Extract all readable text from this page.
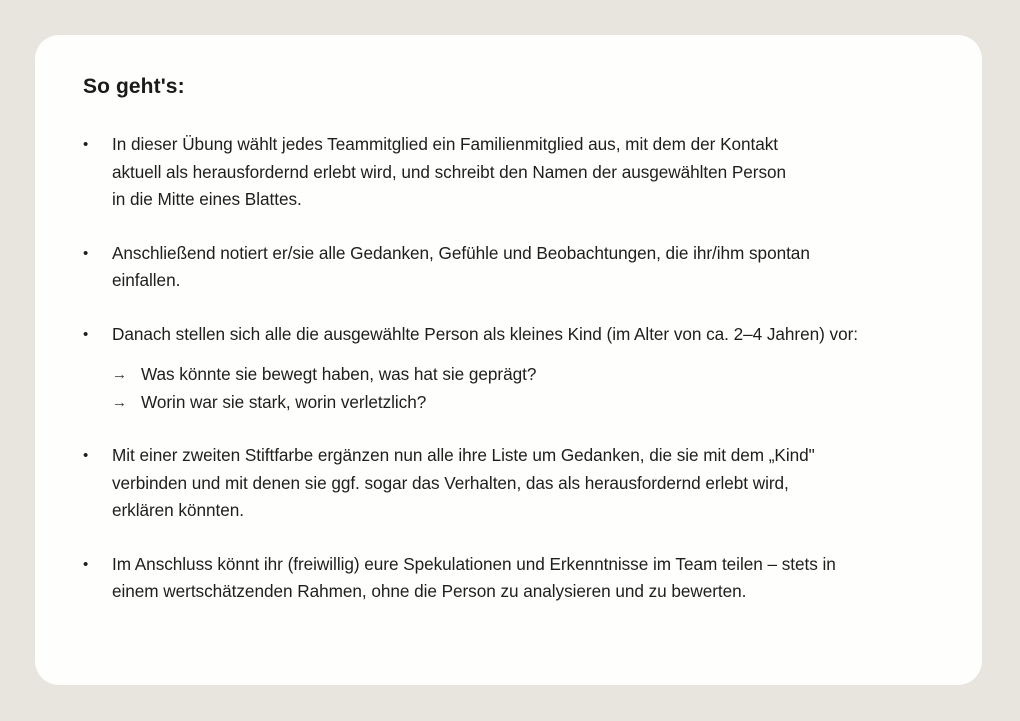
So geht's:
• In dieser Übung wählt jedes Teammitglied ein Familienmitglied aus, mit dem der Kontakt
aktuell als herausfordernd erlebt wird, und schreibt den Namen der ausgewählten Person
in die Mitte eines Blattes.
• Anschließend notiert er/sie alle Gedanken, Gefühle und Beobachtungen, die ihr/ihm spontan
einfallen.
• Danach stellen sich alle die ausgewählte Person als kleines Kind (im Alter von ca. 2–4 Jahren) vor:
→ Was könnte sie bewegt haben, was hat sie geprägt?
→ Worin war sie stark, worin verletzlich?
• Mit einer zweiten Stiftfarbe ergänzen nun alle ihre Liste um Gedanken, die sie mit dem „Kind"
verbinden und mit denen sie ggf. sogar das Verhalten, das als herausfordernd erlebt wird,
erklären könnten.
• Im Anschluss könnt ihr (freiwillig) eure Spekulationen und Erkenntnisse im Team teilen – stets in
einem wertschätzenden Rahmen, ohne die Person zu analysieren und zu bewerten.
